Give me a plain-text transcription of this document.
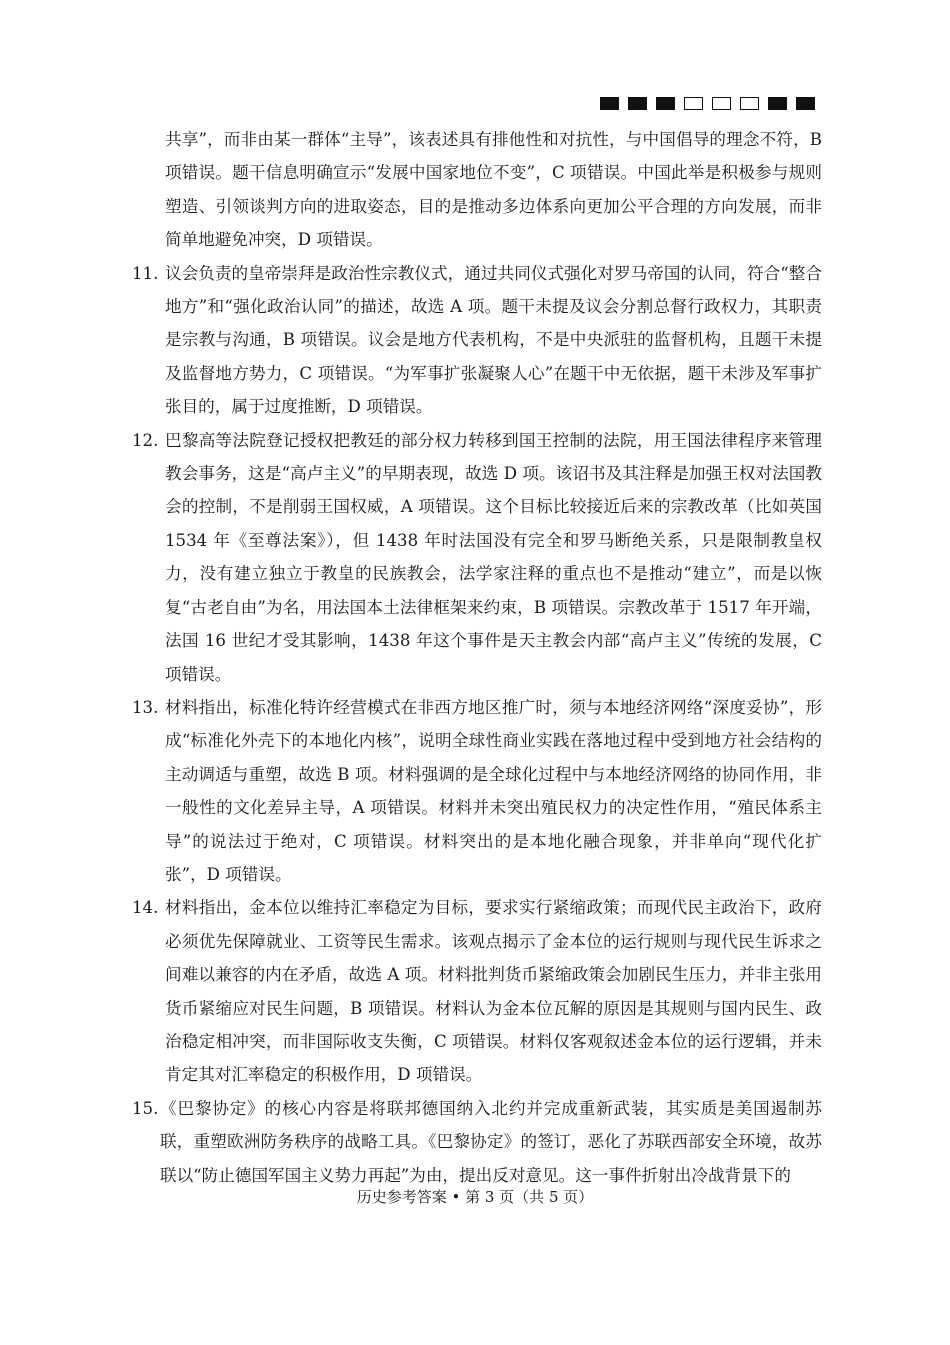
共享”，而非由某一群体“主导”，该表述具有排他性和对抗性，与中国倡导的理念不符，B 项错误。题干信息明确宣示“发展中国家地位不变”，C 项错误。中国此举是积极参与规则塑造、引领谈判方向的进取姿态，目的是推动多边体系向更加公平合理的方向发展，而非简单地避免冲突，D 项错误。

11. 议会负责的皇帝崇拜是政治性宗教仪式，通过共同仪式强化对罗马帝国的认同，符合“整合地方”和“强化政治认同”的描述，故选 A 项。题干未提及议会分割总督行政权力，其职责是宗教与沟通，B 项错误。议会是地方代表机构，不是中央派驻的监督机构，且题干未提及监督地方势力，C 项错误。“为军事扩张凝聚人心”在题干中无依据，题干未涉及军事扩张目的，属于过度推断，D 项错误。
12. 巴黎高等法院登记授权把教廷的部分权力转移到国王控制的法院，用王国法律程序来管理教会事务，这是“高卢主义”的早期表现，故选 D 项。该诏书及其注释是加强王权对法国教会的控制，不是削弱王国权威，A 项错误。这个目标比较接近后来的宗教改革（比如英国 1534 年《至尊法案》），但 1438 年时法国没有完全和罗马断绝关系，只是限制教皇权力，没有建立独立于教皇的民族教会，法学家注释的重点也不是推动“建立”，而是以恢复“古老自由”为名，用法国本土法律框架来约束，B 项错误。宗教改革于 1517 年开端，法国 16 世纪才受其影响，1438 年这个事件是天主教会内部“高卢主义”传统的发展，C 项错误。
13. 材料指出，标准化特许经营模式在非西方地区推广时，须与本地经济网络“深度妥协”，形成“标准化外壳下的本地化内核”，说明全球性商业实践在落地过程中受到地方社会结构的主动调适与重塑，故选 B 项。材料强调的是全球化过程中与本地经济网络的协同作用，非一般性的文化差异主导，A 项错误。材料并未突出殖民权力的决定性作用，“殖民体系主导”的说法过于绝对，C 项错误。材料突出的是本地化融合现象，并非单向“现代化扩张”，D 项错误。
14. 材料指出，金本位以维持汇率稳定为目标，要求实行紧缩政策；而现代民主政治下，政府必须优先保障就业、工资等民生需求。该观点揭示了金本位的运行规则与现代民生诉求之间难以兼容的内在矛盾，故选 A 项。材料批判货币紧缩政策会加剧民生压力，并非主张用货币紧缩应对民生问题，B 项错误。材料认为金本位瓦解的原因是其规则与国内民生、政治稳定相冲突，而非国际收支失衡，C 项错误。材料仅客观叙述金本位的运行逻辑，并未肯定其对汇率稳定的积极作用，D 项错误。
15. 《巴黎协定》的核心内容是将联邦德国纳入北约并完成重新武装，其实质是美国遏制苏联，重塑欧洲防务秩序的战略工具。《巴黎协定》的签订，恶化了苏联西部安全环境，故苏联以“防止德国军国主义势力再起”为由，提出反对意见。这一事件折射出冷战背景下的
历史参考答案 • 第 3 页（共 5 页）
